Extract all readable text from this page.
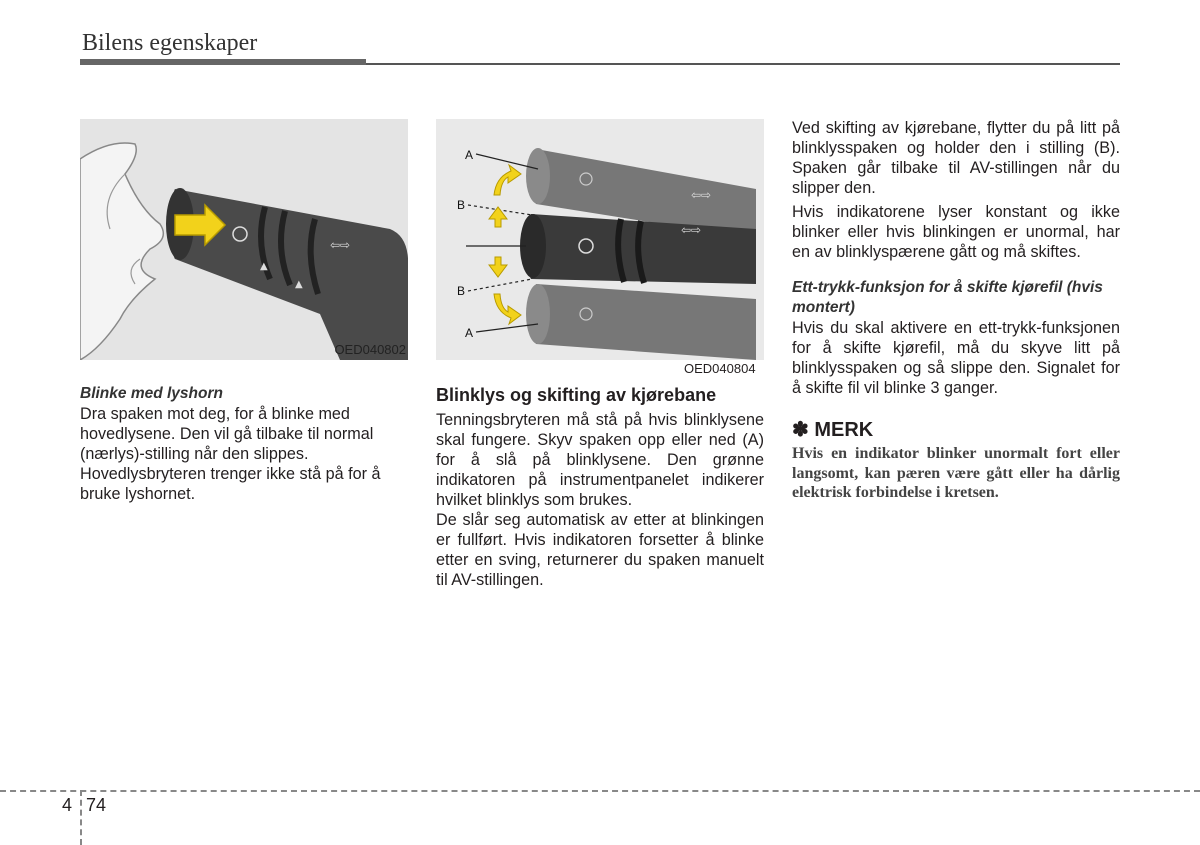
Bilens egenskaper
⇦⇨
▲
▲
OED040802
⇦⇨
⇦⇨
A
B
B
A
OED040804
Blinke med lyshorn

Dra spaken mot deg, for å blinke med hovedlysene. Den vil gå tilbake til normal (nærlys)-stilling når den slippes. Hovedlysbryteren trenger ikke stå på for å bruke lyshornet.

Blinklys og skifting av kjørebane

Tenningsbryteren må stå på hvis blinklysene skal fungere. Skyv spaken opp eller ned (A) for å slå på blinklysene. Den grønne indikatoren på instrumentpanelet indikerer hvilket blinklys som brukes.

De slår seg automatisk av etter at blinkingen er fullført. Hvis indikatoren forsetter å blinke etter en sving, returnerer du spaken manuelt til AV-stillingen.

Ved skifting av kjørebane, flytter du på litt på blinklysspaken og holder den i stilling (B). Spaken går tilbake til AV-stillingen når du slipper den.

Hvis indikatorene lyser konstant og ikke blinker eller hvis blinkingen er unormal, har en av blinklyspærene gått og må skiftes.

Ett-trykk-funksjon for å skifte kjørefil (hvis montert)

Hvis du skal aktivere en ett-trykk-funksjonen for å skifte kjørefil, må du skyve litt på blinklysspaken og så slippe den. Signalet for å skifte fil vil blinke 3 ganger.

✽ MERK
Hvis en indikator blinker unormalt fort eller langsomt, kan pæren være gått eller ha dårlig elektrisk forbindelse i kretsen.
4 74
